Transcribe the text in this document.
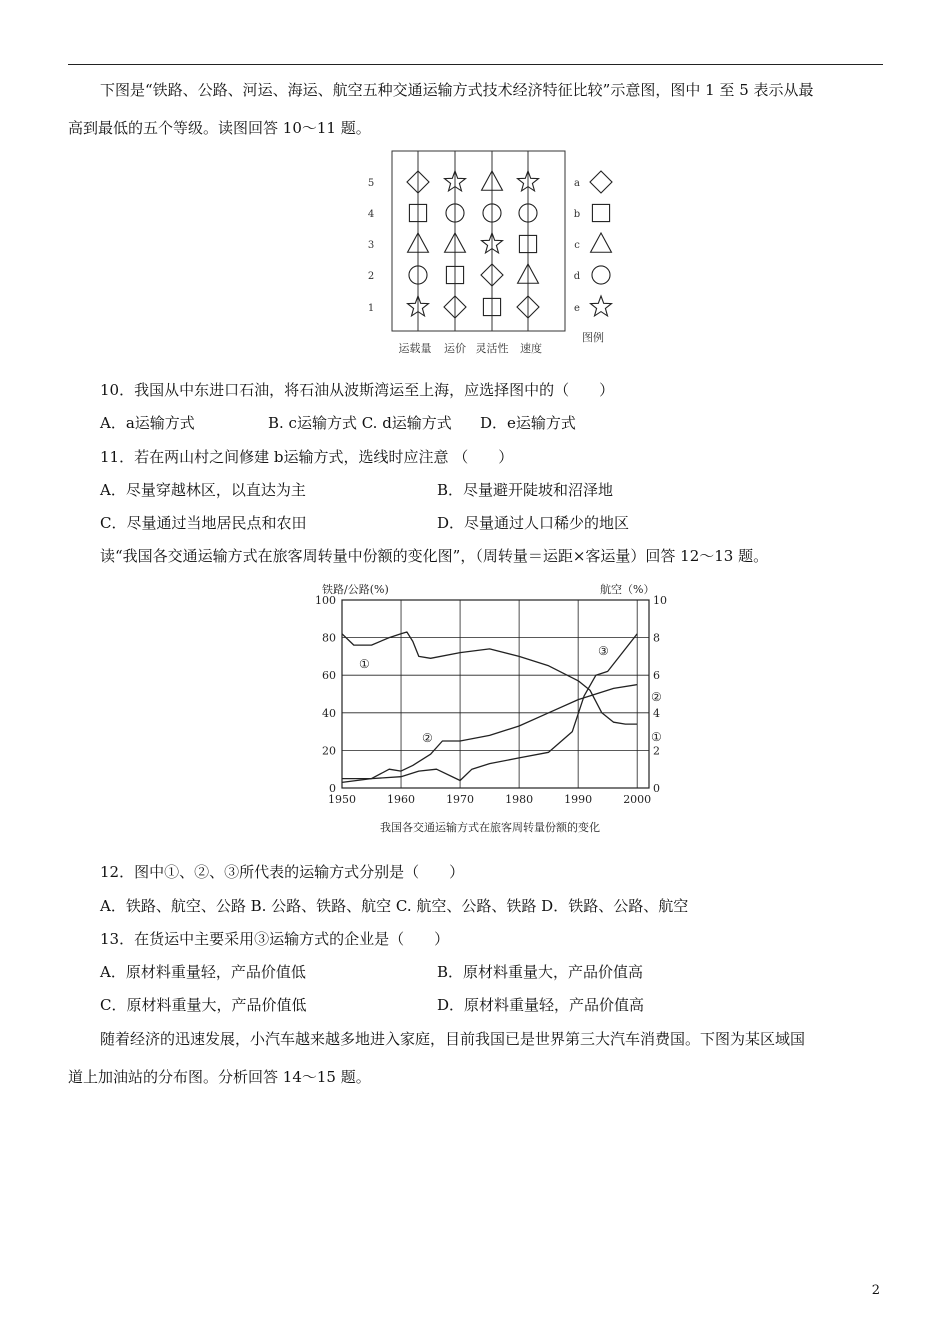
下图是“铁路、公路、河运、海运、航空五种交通运输方式技术经济特征比较”示意图，图中 1 至 5 表示从最
高到最低的五个等级。读图回答 10～11 题。
5
4
3
2
1
运载量 运价 灵活性 速度
a
b
c
d
e
图例
10．我国从中东进口石油，将石油从波斯湾运至上海，应选择图中的（　　）
A．a运输方式	B. c运输方式 C. d运输方式 D．e运输方式
11．若在两山村之间修建 b运输方式，选线时应注意 （　　）
A．尽量穿越林区，以直达为主	B．尽量避开陡坡和沼泽地
C．尽量通过当地居民点和农田	D．尽量通过人口稀少的地区
读“我国各交通运输方式在旅客周转量中份额的变化图”，（周转量＝运距×客运量）回答 12～13 题。
铁路/公路(%)	航空（%）
1950	1960	1970	1980	1990	2000
0
20
40
60
80
100
0
2
4
6
8
10
①
②
③
②
①
我国各交通运输方式在旅客周转量份额的变化
12．图中①、②、③所代表的运输方式分别是（　　）
A．铁路、航空、公路 B. 公路、铁路、航空 C. 航空、公路、铁路 D．铁路、公路、航空
13．在货运中主要采用③运输方式的企业是（　　）
A．原材料重量轻，产品价值低	B．原材料重量大，产品价值高
C．原材料重量大，产品价值低	D．原材料重量轻，产品价值高
随着经济的迅速发展，小汽车越来越多地进入家庭，目前我国已是世界第三大汽车消费国。下图为某区域国
道上加油站的分布图。分析回答 14～15 题。
2
